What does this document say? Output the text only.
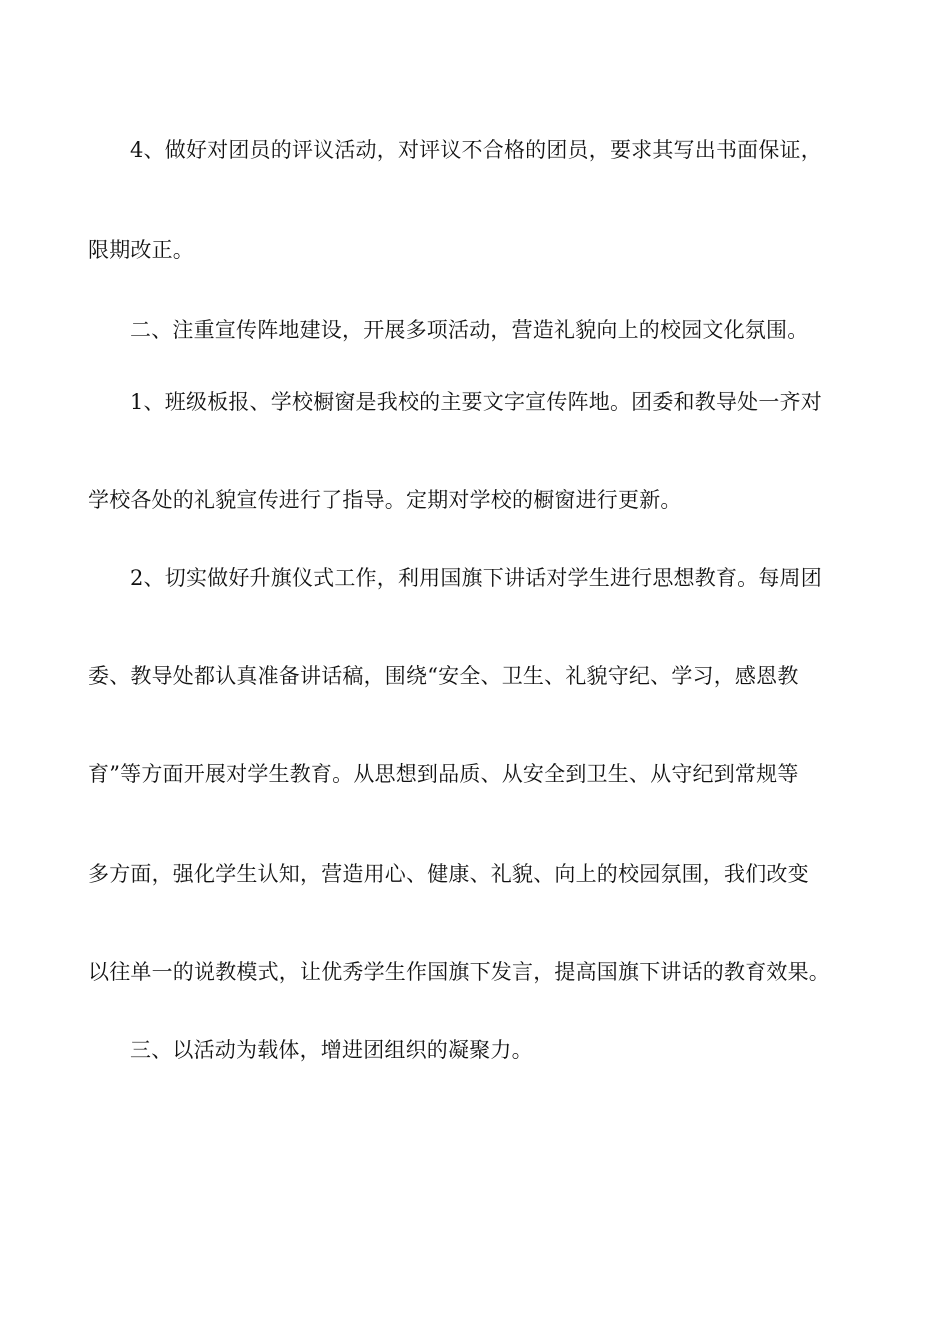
4、做好对团员的评议活动，对评议不合格的团员，要求其写出书面保证，
限期改正。
二、注重宣传阵地建设，开展多项活动，营造礼貌向上的校园文化氛围。
1、班级板报、学校橱窗是我校的主要文字宣传阵地。团委和教导处一齐对
学校各处的礼貌宣传进行了指导。定期对学校的橱窗进行更新。
2、切实做好升旗仪式工作，利用国旗下讲话对学生进行思想教育。每周团
委、教导处都认真准备讲话稿，围绕“安全、卫生、礼貌守纪、学习，感恩教
育”等方面开展对学生教育。从思想到品质、从安全到卫生、从守纪到常规等
多方面，强化学生认知，营造用心、健康、礼貌、向上的校园氛围，我们改变
以往单一的说教模式，让优秀学生作国旗下发言，提高国旗下讲话的教育效果。
三、以活动为载体，增进团组织的凝聚力。
